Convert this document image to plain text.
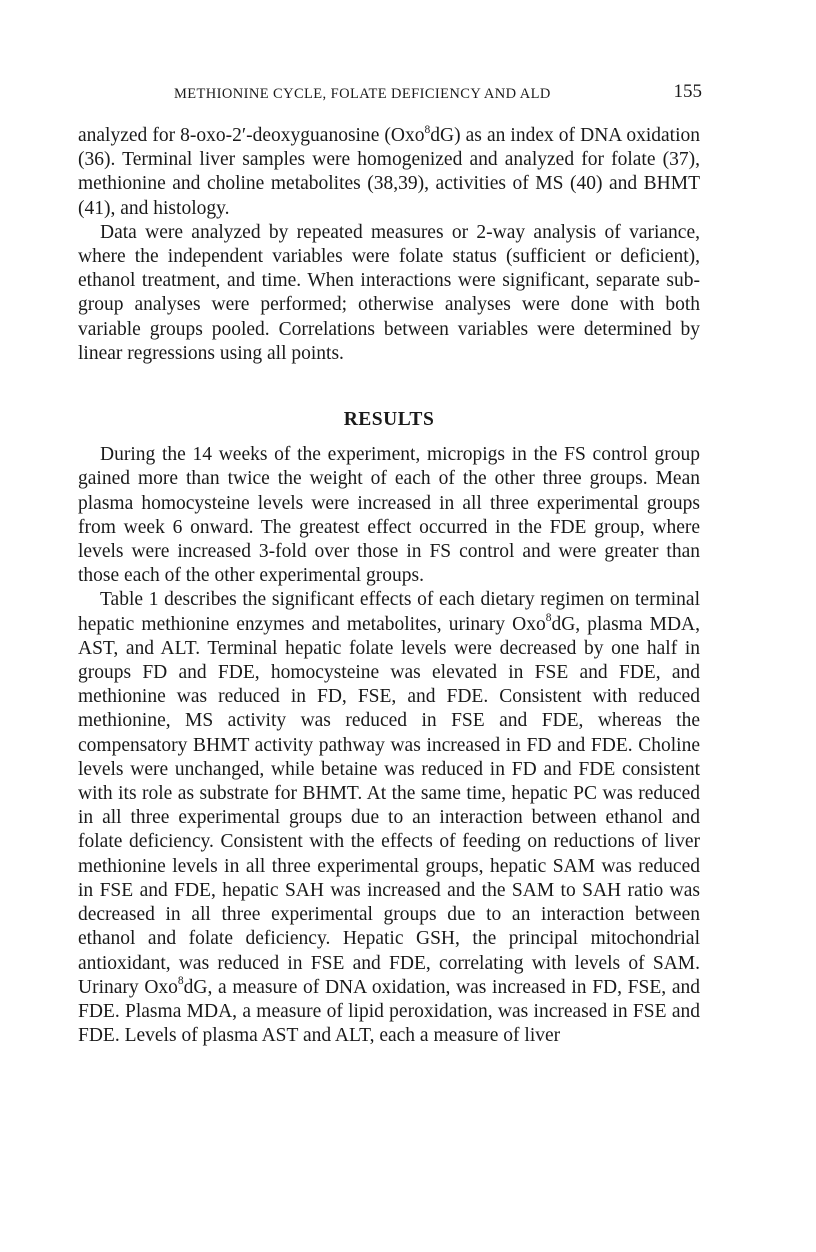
METHIONINE CYCLE, FOLATE DEFICIENCY AND ALD	155

analyzed for 8-oxo-2′-deoxyguanosine (Oxo$^8$dG) as an index of DNA oxidation (36). Terminal liver samples were homogenized and analyzed for folate (37), methionine and choline metabolites (38,39), activities of MS (40) and BHMT (41), and histology.

Data were analyzed by repeated measures or 2-way analysis of variance, where the independent variables were folate status (sufficient or deficient), ethanol treatment, and time. When interactions were significant, separate sub-group analyses were performed; otherwise analyses were done with both variable groups pooled. Correlations between variables were determined by linear regressions using all points.

RESULTS

During the 14 weeks of the experiment, micropigs in the FS control group gained more than twice the weight of each of the other three groups. Mean plasma homocysteine levels were increased in all three experimental groups from week 6 onward. The greatest effect occurred in the FDE group, where levels were increased 3-fold over those in FS control and were greater than those each of the other experimental groups.

Table 1 describes the significant effects of each dietary regimen on terminal hepatic methionine enzymes and metabolites, urinary Oxo$^8$dG, plasma MDA, AST, and ALT. Terminal hepatic folate levels were decreased by one half in groups FD and FDE, homocysteine was elevated in FSE and FDE, and methionine was reduced in FD, FSE, and FDE. Consistent with reduced methionine, MS activity was reduced in FSE and FDE, whereas the compensatory BHMT activity pathway was increased in FD and FDE. Choline levels were unchanged, while betaine was reduced in FD and FDE consistent with its role as substrate for BHMT. At the same time, hepatic PC was reduced in all three experimental groups due to an interaction between ethanol and folate deficiency. Consistent with the effects of feeding on reductions of liver methionine levels in all three experimental groups, hepatic SAM was reduced in FSE and FDE, hepatic SAH was increased and the SAM to SAH ratio was decreased in all three experimental groups due to an interaction between ethanol and folate deficiency. Hepatic GSH, the principal mitochondrial antioxidant, was reduced in FSE and FDE, correlating with levels of SAM. Urinary Oxo$^8$dG, a measure of DNA oxidation, was increased in FD, FSE, and FDE. Plasma MDA, a measure of lipid peroxidation, was increased in FSE and FDE. Levels of plasma AST and ALT, each a measure of liver
